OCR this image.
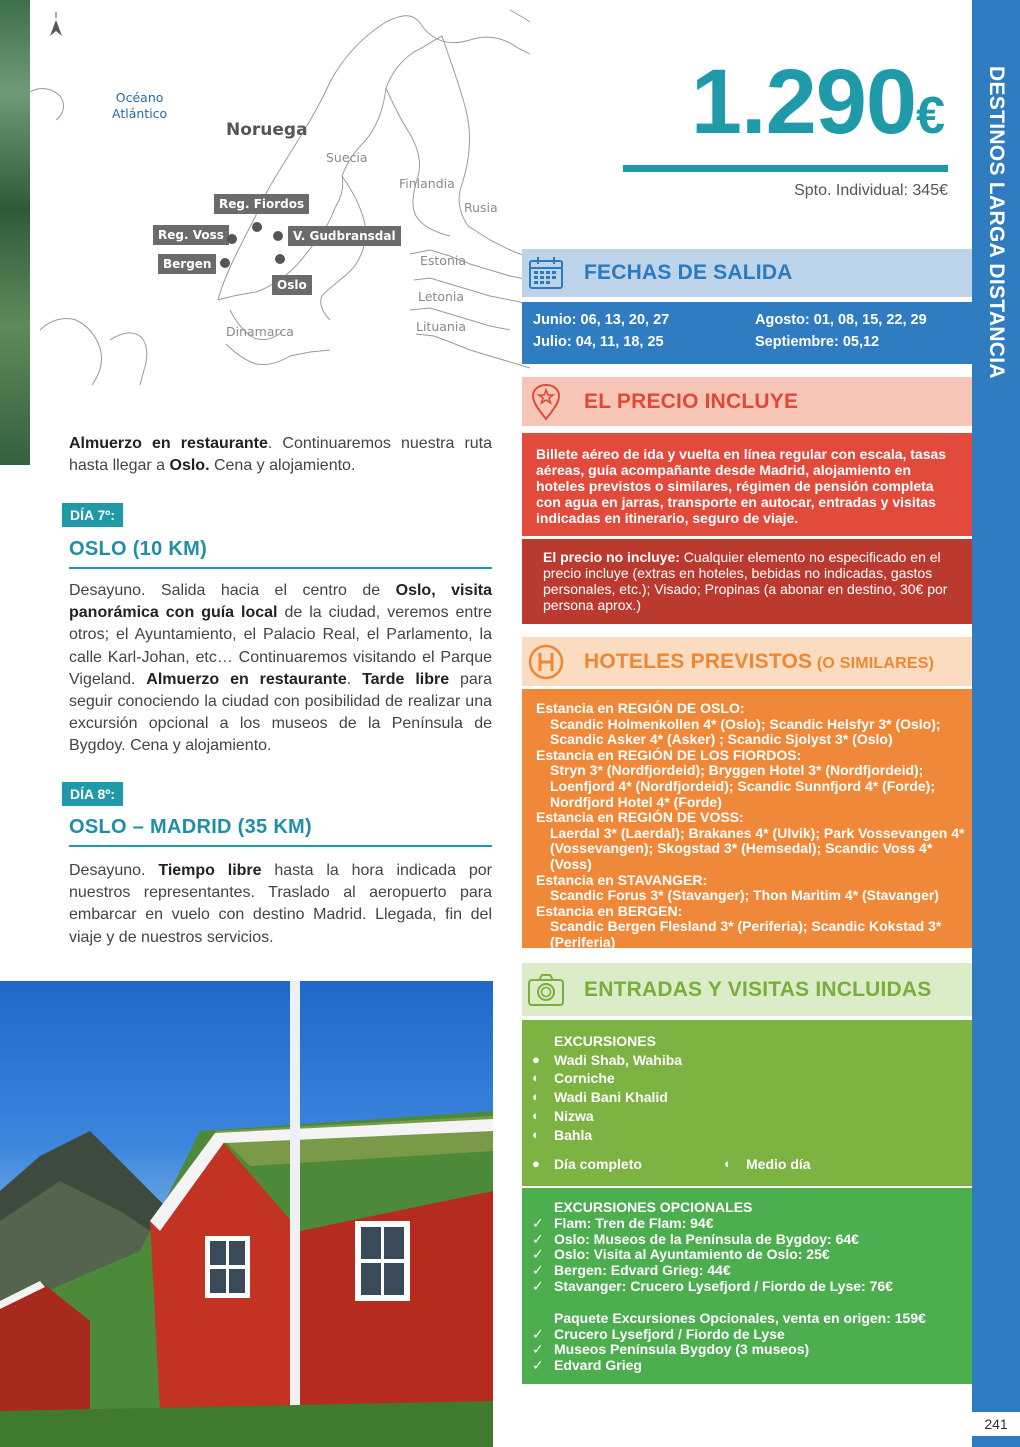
Océano
Atlántico
Noruega
Suecia
Finlandia
Rusia
Estonia
Letonia
Lituania
Dinamarca
Reg. Fiordos
Reg. Voss	V. Gudbransdal
Bergen
Oslo

Almuerzo en restaurante. Continuaremos nuestra ruta hasta llegar a Oslo. Cena y alojamiento.

DÍA 7º:
OSLO (10 KM)

Desayuno. Salida hacia el centro de Oslo, visita panorámica con guía local de la ciudad, veremos entre otros; el Ayuntamiento, el Palacio Real, el Parlamento, la calle Karl-Johan, etc… Continuaremos visitando el Parque Vigeland. Almuerzo en restaurante. Tarde libre para seguir conociendo la ciudad con posibilidad de realizar una excursión opcional a los museos de la Península de Bygdoy. Cena y alojamiento.

DÍA 8º:
OSLO – MADRID (35 KM)

Desayuno. Tiempo libre hasta la hora indicada por nuestros representantes. Traslado al aeropuerto para embarcar en vuelo con destino Madrid. Llegada, fin del viaje y de nuestros servicios.

1.290€
Spto. Individual: 345€
FECHAS DE SALIDA
Junio: 06, 13, 20, 27	Agosto: 01, 08, 15, 22, 29
Julio: 04, 11, 18, 25	Septiembre: 05,12
EL PRECIO INCLUYE
Billete aéreo de ida y vuelta en línea regular con escala, tasas aéreas, guía acompañante desde Madrid, alojamiento en hoteles previstos o similares, régimen de pensión completa con agua en jarras, transporte en autocar, entradas y visitas indicadas en itinerario, seguro de viaje.
El precio no incluye: Cualquier elemento no especificado en el precio incluye (extras en hoteles, bebidas no indicadas, gastos personales, etc.); Visado; Propinas (a abonar en destino, 30€ por persona aprox.)
HOTELES PREVISTOS (O SIMILARES)
Estancia en REGIÓN DE OSLO:
Scandic Holmenkollen 4* (Oslo); Scandic Helsfyr 3* (Oslo);
Scandic Asker 4* (Asker) ; Scandic Sjolyst 3* (Oslo)
Estancia en REGIÓN DE LOS FIORDOS:
Stryn 3* (Nordfjordeid); Bryggen Hotel 3* (Nordfjordeid);
Loenfjord 4* (Nordfjordeid); Scandic Sunnfjord 4* (Forde);
Nordfjord Hotel 4* (Forde)
Estancia en REGIÓN DE VOSS:
Laerdal 3* (Laerdal); Brakanes 4* (Ulvik); Park Vossevangen 4*
(Vossevangen); Skogstad 3* (Hemsedal); Scandic Voss 4* (Voss)
Estancia en STAVANGER:
Scandic Forus 3* (Stavanger); Thon Maritim 4* (Stavanger)
Estancia en BERGEN:
Scandic Bergen Flesland 3* (Periferia); Scandic Kokstad 3*
(Periferia)
ENTRADAS Y VISITAS INCLUIDAS
EXCURSIONES
●	Wadi Shab, Wahiba
◐	Corniche
◐	Wadi Bani Khalid
◐	Nizwa
◐	Bahla
●	Día completo	◐	Medio día
EXCURSIONES OPCIONALES
✓ Flam: Tren de Flam: 94€
✓ Oslo: Museos de la Península de Bygdoy: 64€
✓ Oslo: Visita al Ayuntamiento de Oslo: 25€
✓ Bergen: Edvard Grieg: 44€
✓ Stavanger: Crucero Lysefjord / Fiordo de Lyse: 76€
Paquete Excursiones Opcionales, venta en origen: 159€
✓ Crucero Lysefjord / Fiordo de Lyse
✓ Museos Península Bygdoy (3 museos)
✓ Edvard Grieg
DESTINOS LARGA DISTANCIA
241
